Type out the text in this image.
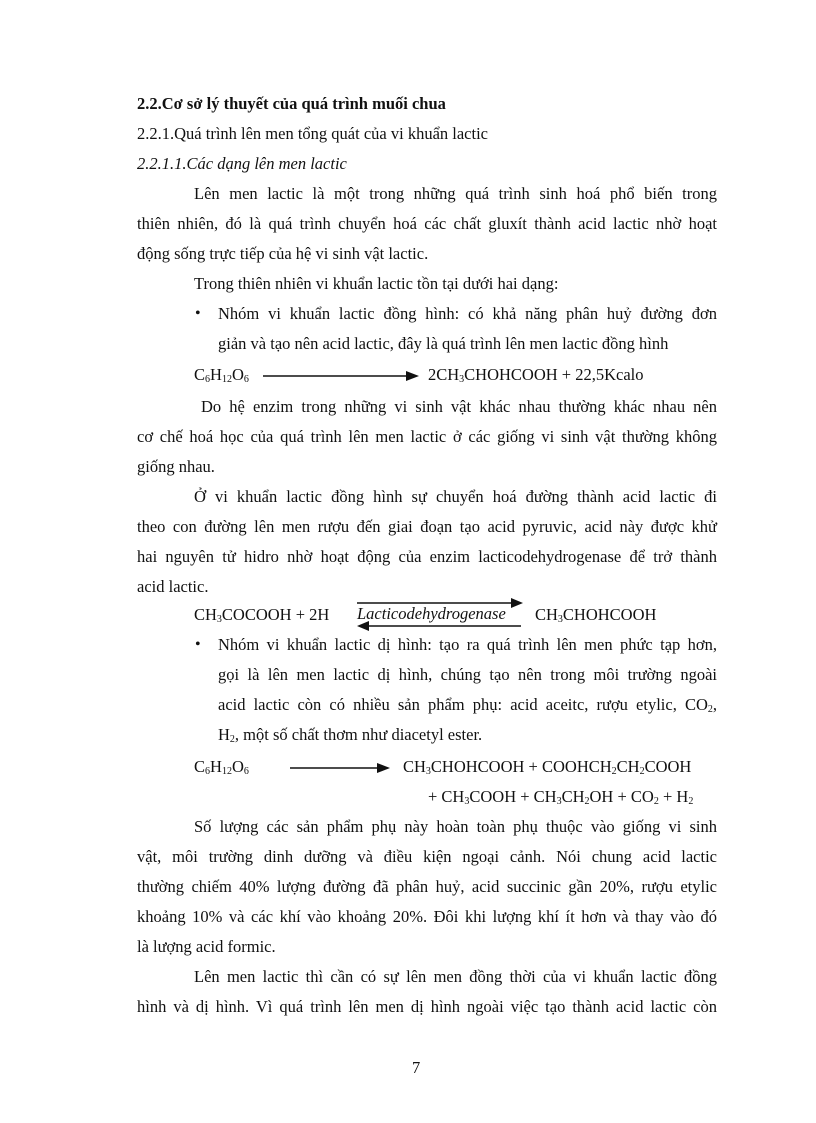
2.2.Cơ sở lý thuyết của quá trình muối chua
2.2.1.Quá trình lên men tổng quát của vi khuẩn lactic
2.2.1.1.Các dạng lên men lactic
Lên men lactic là một trong những quá trình sinh hoá phổ biến trong
thiên nhiên, đó là quá trình chuyển hoá các chất gluxít thành acid lactic nhờ hoạt
động sống trực tiếp của hệ vi sinh vật lactic.
Trong thiên nhiên vi khuẩn lactic tồn tại dưới hai dạng:
• Nhóm vi khuẩn lactic đồng hình: có khả năng phân huỷ đường đơn
giản và tạo nên acid lactic, đây là quá trình lên men lactic đồng hình
$C_6H_{12}O_6$	$2CH_3CHOHCOOH$ + 22,5Kcalo
Do hệ enzim trong những vi sinh vật khác nhau thường khác nhau nên
cơ chế hoá học của quá trình lên men lactic ở các giống vi sinh vật thường không
giống nhau.
Ở vi khuẩn lactic đồng hình sự chuyển hoá đường thành acid lactic đi
theo con đường lên men rượu đến giai đoạn tạo acid pyruvic, acid này được khử
hai nguyên tử hidro nhờ hoạt động của enzim lacticodehydrogenase để trở thành
acid lactic.
$CH_3COCOOH + 2H$ Lacticodehydrogenase $CH_3CHOHCOOH$
• Nhóm vi khuẩn lactic dị hình: tạo ra quá trình lên men phức tạp hơn,
gọi là lên men lactic dị hình, chúng tạo nên trong môi trường ngoài
acid lactic còn có nhiều sản phẩm phụ: acid aceitc, rượu etylic, $CO_2$,
$H_2$, một số chất thơm như diacetyl ester.
$C_6H_{12}O_6$	$CH_3CHOHCOOH$ + $COOHCH_2CH_2COOH$
+ $CH_3COOH + CH_3CH_2OH + CO_2 + H_2$
Số lượng các sản phẩm phụ này hoàn toàn phụ thuộc vào giống vi sinh
vật, môi trường dinh dưỡng và điều kiện ngoại cảnh. Nói chung acid lactic
thường chiếm 40% lượng đường đã phân huỷ, acid succinic gần 20%, rượu etylic
khoảng 10% và các khí vào khoảng 20%. Đôi khi lượng khí ít hơn và thay vào đó
là lượng acid formic.
Lên men lactic thì cần có sự lên men đồng thời của vi khuẩn lactic đồng
hình và dị hình. Vì quá trình lên men dị hình ngoài việc tạo thành acid lactic còn
7
